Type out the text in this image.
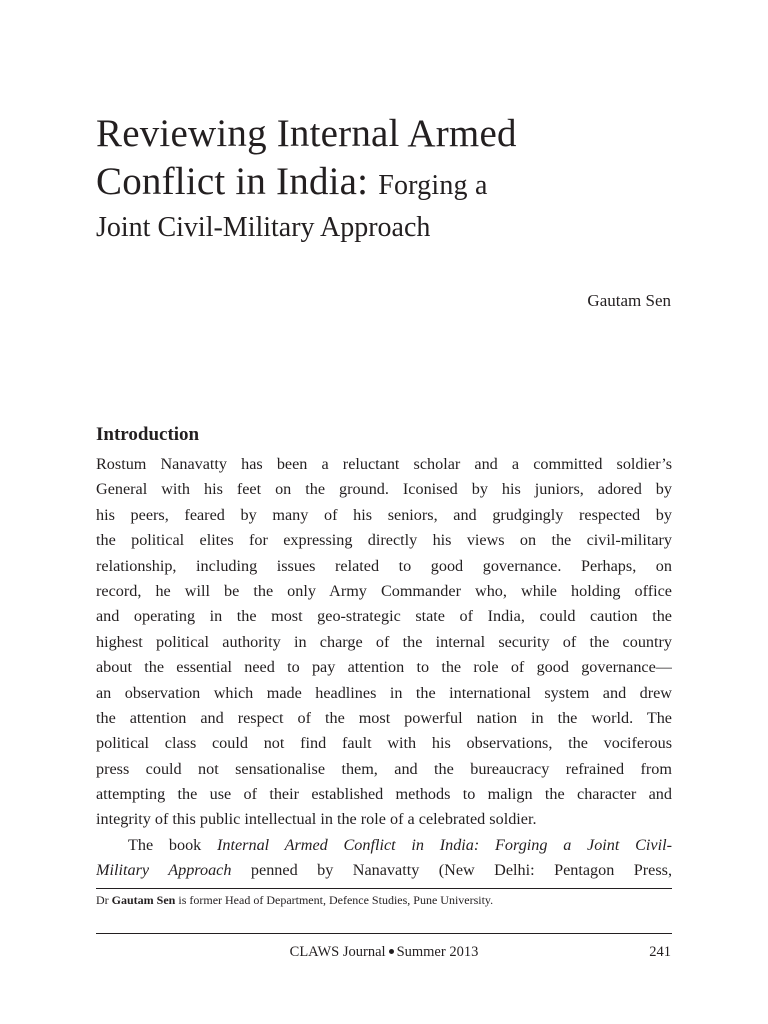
Reviewing Internal Armed
Conflict in India: Forging a
Joint Civil-Military Approach
Gautam Sen
Introduction
Rostum Nanavatty has been a reluctant scholar and a committed soldier’s
General with his feet on the ground. Iconised by his juniors, adored by
his peers, feared by many of his seniors, and grudgingly respected by
the political elites for expressing directly his views on the civil-military
relationship, including issues related to good governance. Perhaps, on
record, he will be the only Army Commander who, while holding office
and operating in the most geo-strategic state of India, could caution the
highest political authority in charge of the internal security of the country
about the essential need to pay attention to the role of good governance—
an observation which made headlines in the international system and drew
the attention and respect of the most powerful nation in the world. The
political class could not find fault with his observations, the vociferous
press could not sensationalise them, and the bureaucracy refrained from
attempting the use of their established methods to malign the character and
integrity of this public intellectual in the role of a celebrated soldier.
The book Internal Armed Conflict in India: Forging a Joint Civil-
Military Approach penned by Nanavatty (New Delhi: Pentagon Press,
Dr Gautam Sen is former Head of Department, Defence Studies, Pune University.
CLAWS Journal Summer 2013	241
